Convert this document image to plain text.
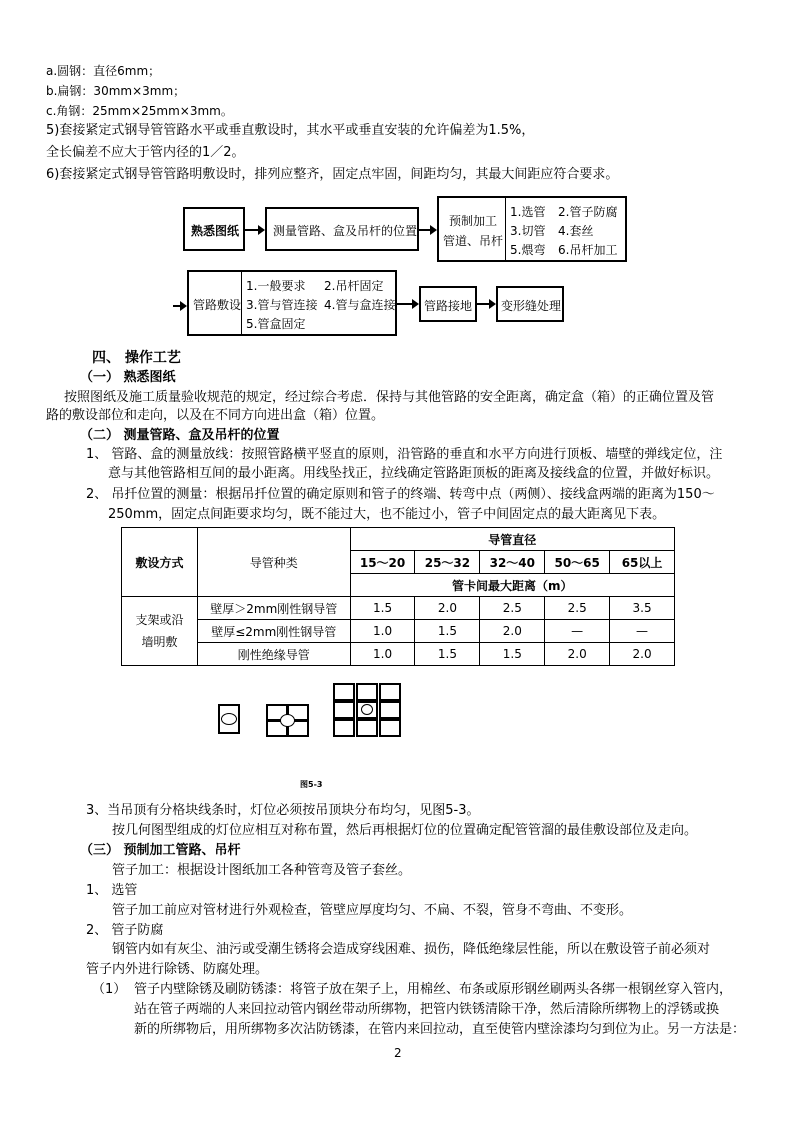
a.圆钢：直径6mm；
b.扁钢：30mm×3mm；
c.角钢：25mm×25mm×3mm。
5)套接紧定式钢导管管路水平或垂直敷设时，其水平或垂直安装的允许偏差为1.5%，
全长偏差不应大于管内径的1／2。
6)套接紧定式钢导管管路明敷设时，排列应整齐，固定点牢固，间距均匀，其最大间距应符合要求。
熟悉图纸	测量管路、盒及吊杆的位置
预制加工
管道、吊杆
1.选管 2.管子防腐
3.切管 4.套丝
5.煨弯 6.吊杆加工
管路敷设
1.一般要求 2.吊杆固定
3.管与管连接 4.管与盒连接
5.管盒固定
管路接地 变形缝处理
四、 操作工艺
（一） 熟悉图纸
按照图纸及施工质量验收规范的规定，经过综合考虑．保持与其他管路的安全距离，确定盒（箱）的正确位置及管
路的敷设部位和走向，以及在不同方向进出盒（箱）位置。
（二） 测量管路、盒及吊杆的位置
1、 管路、盒的测量放线：按照管路横平竖直的原则，沿管路的垂直和水平方向进行顶板、墙壁的弹线定位，注
意与其他管路相互间的最小距离。用线坠找正，拉线确定管路距顶板的距离及接线盒的位置，并做好标识。
2、 吊扦位置的测量：根据吊扦位置的确定原则和管子的终端、转弯中点（两侧）、接线盒两端的距离为150～
250mm，固定点间距要求均匀，既不能过大，也不能过小，管子中间固定点的最大距离见下表。
敷设方式	导管种类	导管直径				
		15～20	25～32	32～40	50～65	65以上
		管卡间最大距离（m）				
支架或沿墙明敷	壁厚＞2mm刚性钢导管	1.5	2.0	2.5	2.5	3.5
	壁厚≤2mm刚性钢导管	1.0	1.5	2.0	—	—
	刚性绝缘导管	1.0	1.5	1.5	2.0	2.0
图5-3
3、当吊顶有分格块线条时，灯位必须按吊顶块分布均匀，见图5-3。
按几何图型组成的灯位应相互对称布置，然后再根据灯位的位置确定配管管溜的最佳敷设部位及走向。
（三） 预制加工管路、吊杆
管子加工：根据设计图纸加工各种管弯及管子套丝。
1、 选管
管子加工前应对管材进行外观检查，管壁应厚度均匀、不扁、不裂，管身不弯曲、不变形。
2、 管子防腐
钢管内如有灰尘、油污或受潮生锈将会造成穿线困难、损伤，降低绝缘层性能，所以在敷设管子前必须对
管子内外进行除锈、防腐处理。
（1） 管子内壁除锈及刷防锈漆：将管子放在架子上，用棉丝、布条或原形钢丝刷两头各绑一根钢丝穿入管内，
站在管子两端的人来回拉动管内钢丝带动所绑物，把管内铁锈清除干净，然后清除所绑物上的浮锈或换
新的所绑物后，用所绑物多次沾防锈漆，在管内来回拉动，直至使管内壁涂漆均匀到位为止。另一方法是：
2
